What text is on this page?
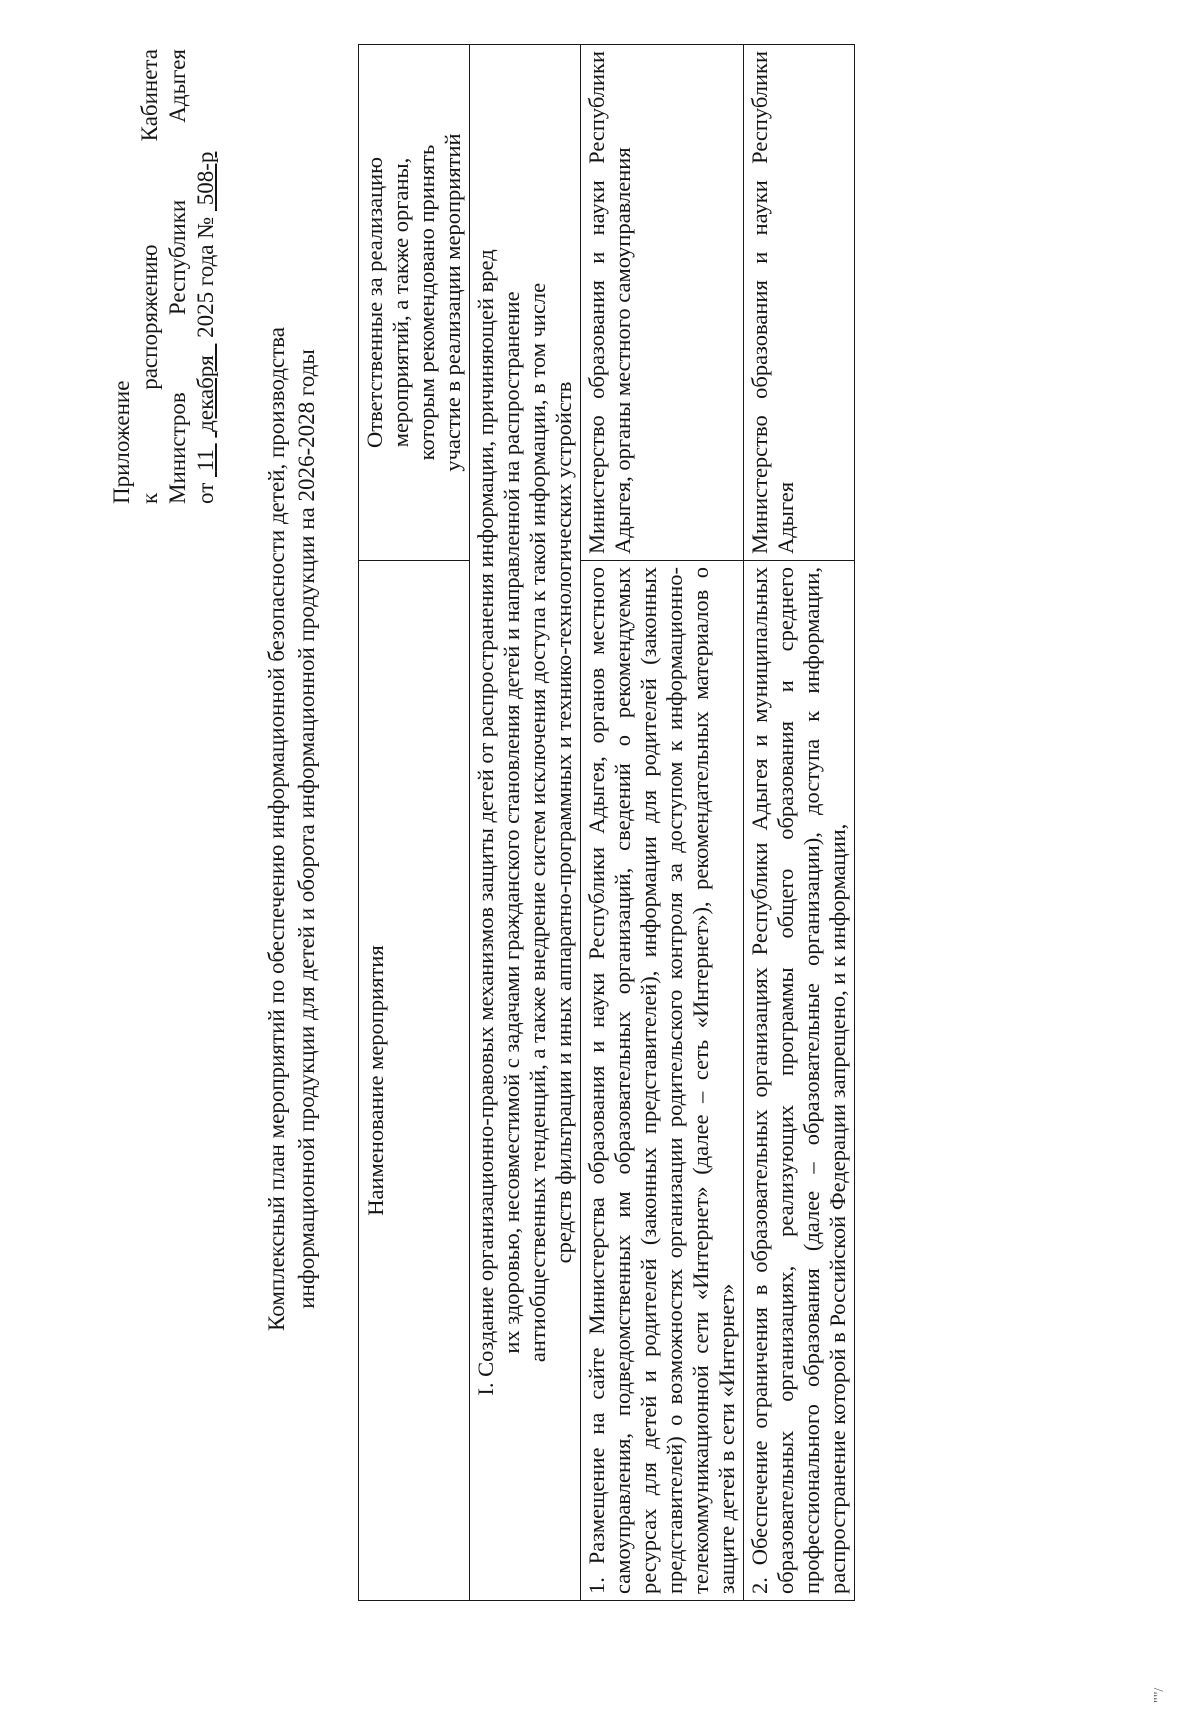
Приложение к
распоряжению
Кабинета
Министров
Республики
Адыгея
от  11   декабря   2025 года №  508-р
Комплексный план мероприятий по обеспечению информационной безопасности детей, производства информационной продукции для детей и оборота информационной продукции на 2026-2028 годы Наименование мероприятия	Ответственные за реализацию мероприятий, а также органы, которым рекомендовано принять участие в реализации мероприятий

I. Создание организационно-правовых механизмов защиты детей от распространения информации, причиняющей вред их здоровью, несовместимой с задачами гражданского становления детей и направленной на распространение антиобщественных тенденций, а также внедрение систем исключения доступа к такой информации, в том числе средств фильтрации и иных аппаратно-программных и технико-технологических устройств	

1. Размещение на сайте Министерства образования и науки Республики Адыгея, органов местного самоуправления, подведомственных им образовательных организаций, сведений о рекомендуемых ресурсах для детей и родителей (законных представителей), информации для родителей (законных представителей) о возможностях организации родительского контроля за доступом к информационно-телекоммуникационной сети «Интернет» (далее – сеть «Интернет»), рекомендательных материалов о защите детей в сети «Интернет»	Министерство образования и науки Республики Адыгея, органы местного самоуправления
2. Обеспечение ограничения в образовательных организациях Республики Адыгея и муниципальных образовательных организациях, реализующих программы общего образования и среднего профессионального образования (далее – образовательные организации), доступа к информации, распространение которой в Российской Федерации запрещено, и к информации,	Министерство образования и науки Республики Адыгея
""/
